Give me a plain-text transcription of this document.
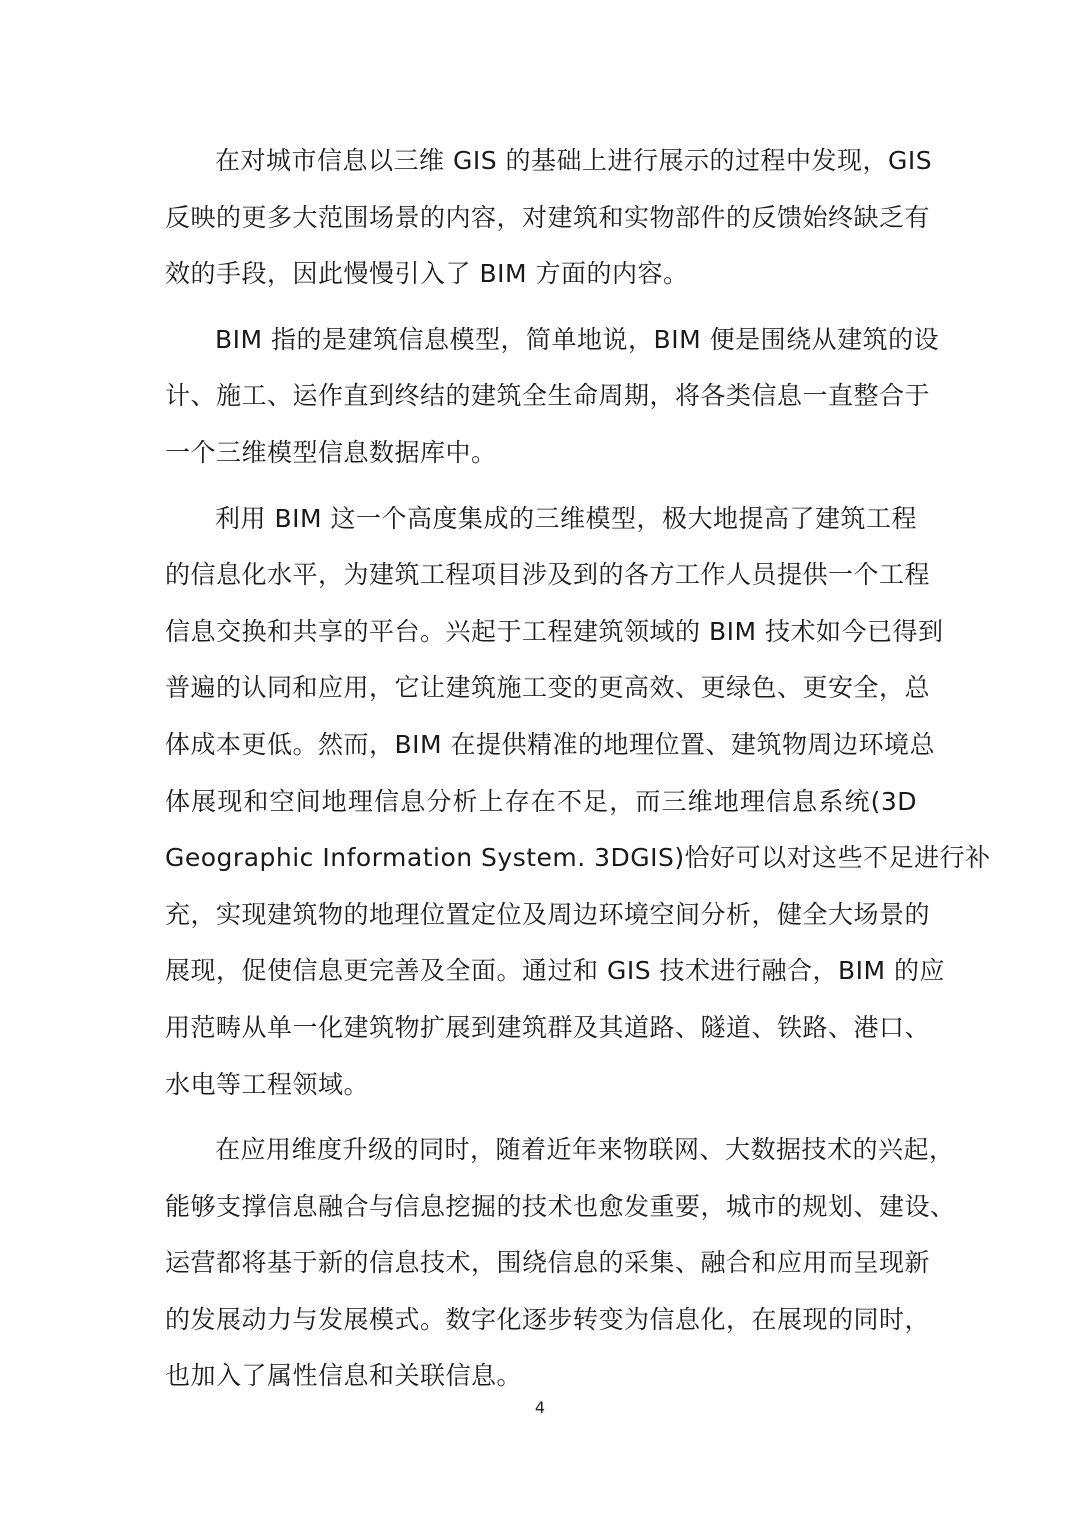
在对城市信息以三维 GIS 的基础上进行展示的过程中发现，GIS
反映的更多大范围场景的内容，对建筑和实物部件的反馈始终缺乏有
效的手段，因此慢慢引入了 BIM 方面的内容。
BIM 指的是建筑信息模型，简单地说，BIM 便是围绕从建筑的设
计、施工、运作直到终结的建筑全生命周期，将各类信息一直整合于
一个三维模型信息数据库中。
利用 BIM 这一个高度集成的三维模型，极大地提高了建筑工程
的信息化水平，为建筑工程项目涉及到的各方工作人员提供一个工程
信息交换和共享的平台。兴起于工程建筑领域的 BIM 技术如今已得到
普遍的认同和应用，它让建筑施工变的更高效、更绿色、更安全，总
体成本更低。然而，BIM 在提供精准的地理位置、建筑物周边环境总
体展现和空间地理信息分析上存在不足，而三维地理信息系统(3D
Geographic Information System. 3DGIS)恰好可以对这些不足进行补
充，实现建筑物的地理位置定位及周边环境空间分析，健全大场景的
展现，促使信息更完善及全面。通过和 GIS 技术进行融合，BIM 的应
用范畴从单一化建筑物扩展到建筑群及其道路、隧道、铁路、港口、
水电等工程领域。
在应用维度升级的同时，随着近年来物联网、大数据技术的兴起，
能够支撑信息融合与信息挖掘的技术也愈发重要，城市的规划、建设、
运营都将基于新的信息技术，围绕信息的采集、融合和应用而呈现新
的发展动力与发展模式。数字化逐步转变为信息化，在展现的同时，
也加入了属性信息和关联信息。
4
